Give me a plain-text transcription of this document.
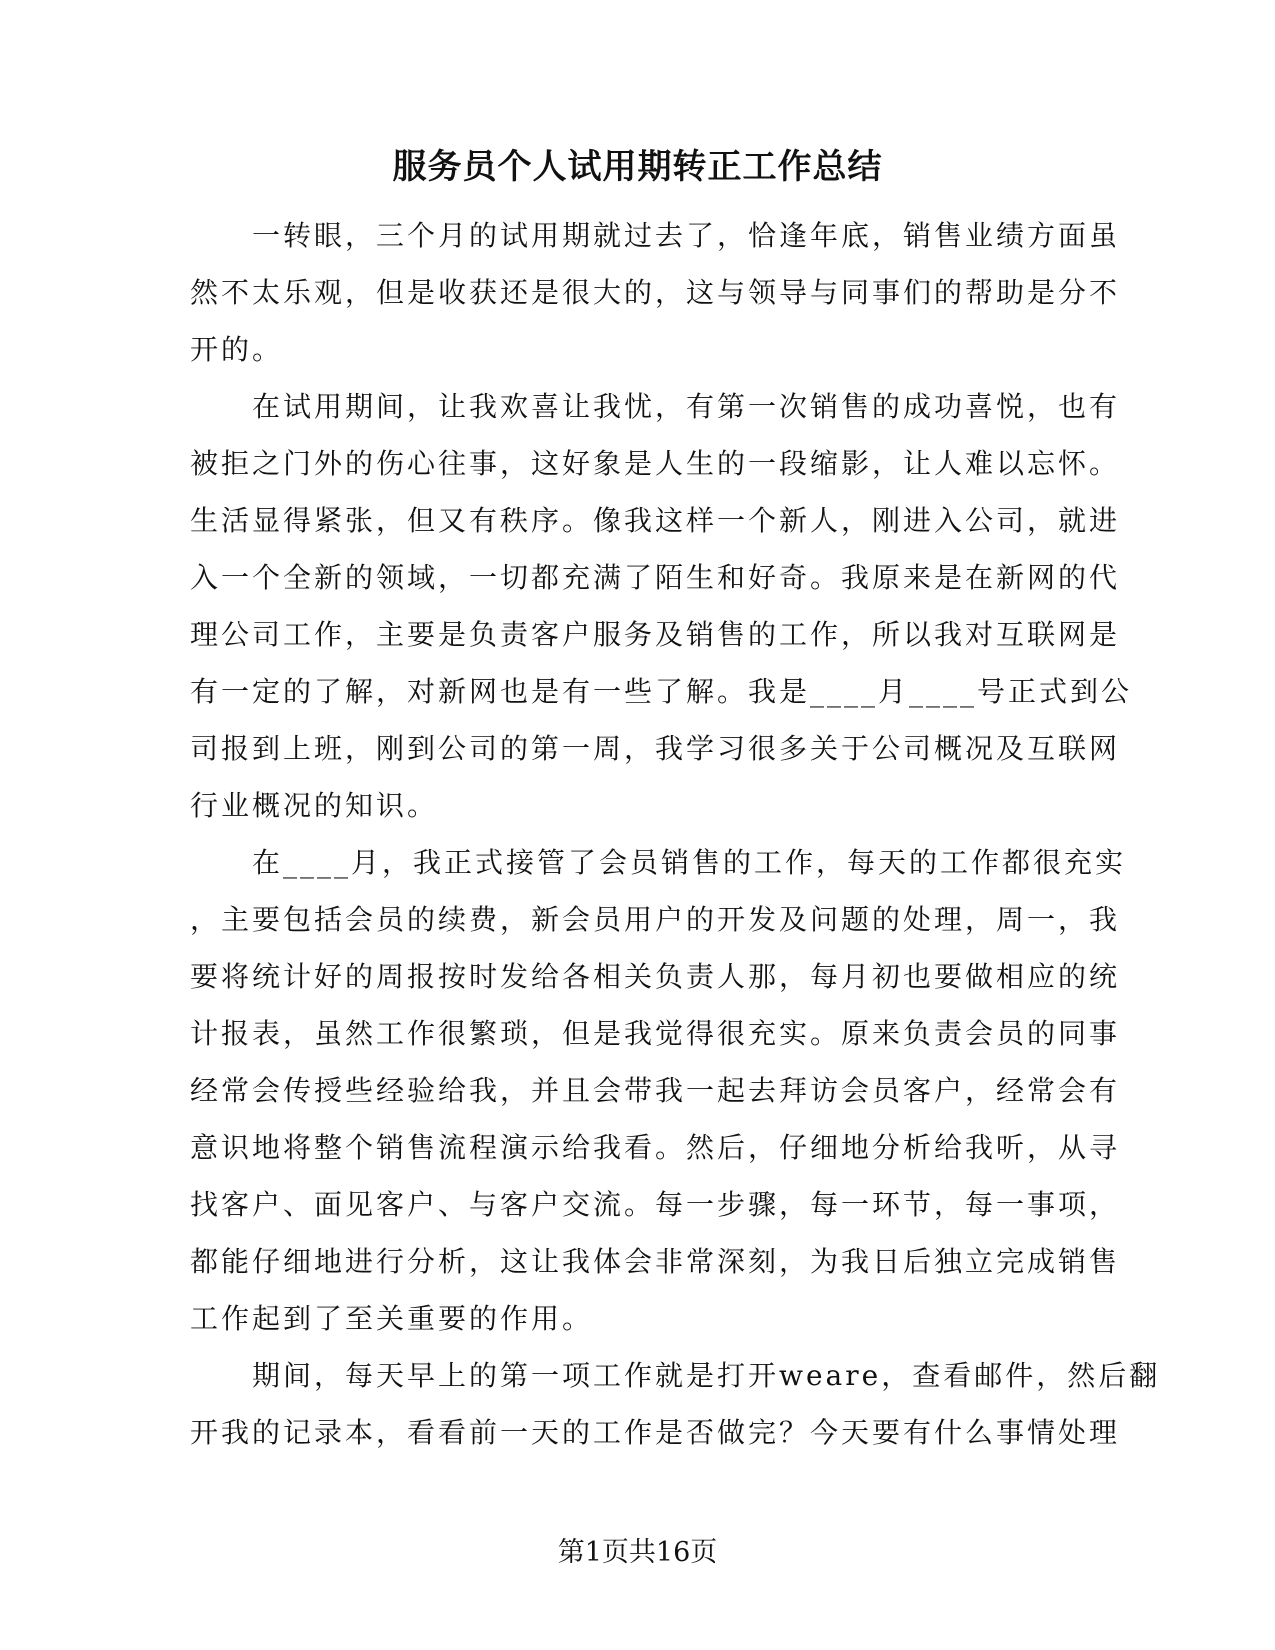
服务员个人试用期转正工作总结
　　一转眼，三个月的试用期就过去了，恰逢年底，销售业绩方面虽
然不太乐观，但是收获还是很大的，这与领导与同事们的帮助是分不
开的。
　　在试用期间，让我欢喜让我忧，有第一次销售的成功喜悦，也有
被拒之门外的伤心往事，这好象是人生的一段缩影，让人难以忘怀。
生活显得紧张，但又有秩序。像我这样一个新人，刚进入公司，就进
入一个全新的领域，一切都充满了陌生和好奇。我原来是在新网的代
理公司工作，主要是负责客户服务及销售的工作，所以我对互联网是
有一定的了解，对新网也是有一些了解。我是____月____号正式到公
司报到上班，刚到公司的第一周，我学习很多关于公司概况及互联网
行业概况的知识。
　　在____月，我正式接管了会员销售的工作，每天的工作都很充实
，主要包括会员的续费，新会员用户的开发及问题的处理，周一，我
要将统计好的周报按时发给各相关负责人那，每月初也要做相应的统
计报表，虽然工作很繁琐，但是我觉得很充实。原来负责会员的同事
经常会传授些经验给我，并且会带我一起去拜访会员客户，经常会有
意识地将整个销售流程演示给我看。然后，仔细地分析给我听，从寻
找客户、面见客户、与客户交流。每一步骤，每一环节，每一事项，
都能仔细地进行分析，这让我体会非常深刻，为我日后独立完成销售
工作起到了至关重要的作用。
　　期间，每天早上的第一项工作就是打开weare，查看邮件，然后翻
开我的记录本，看看前一天的工作是否做完？今天要有什么事情处理
第1页共16页
